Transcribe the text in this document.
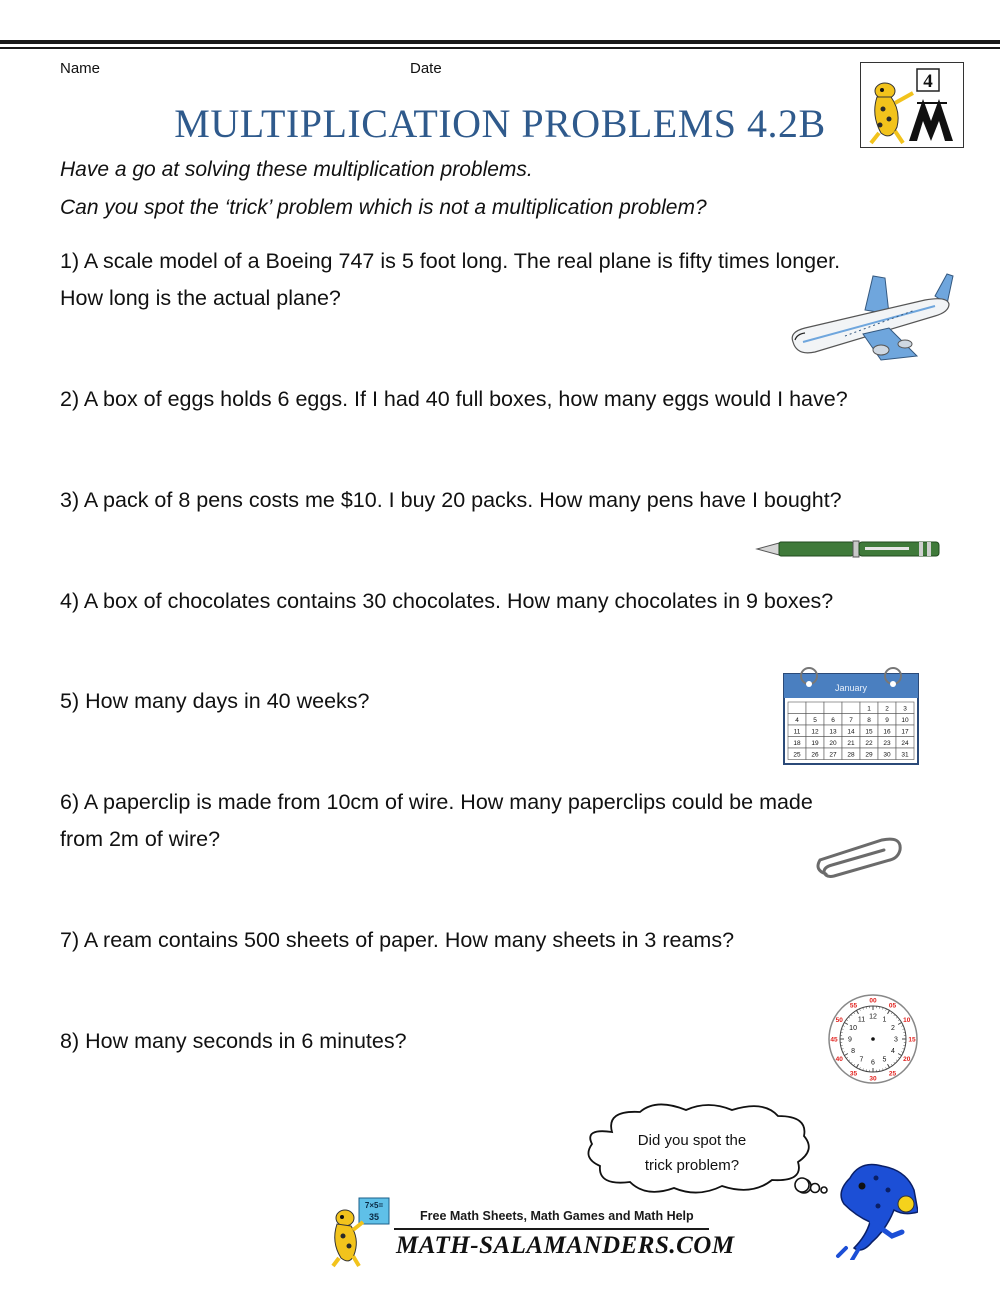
Name	Date
4
MULTIPLICATION PROBLEMS 4.2B
Have a go at solving these multiplication problems.
Can you spot the ‘trick’ problem which is not a multiplication problem?
1) A scale model of a Boeing 747 is 5 foot long. The real plane is fifty times longer.
How long is the actual plane?
2) A box of eggs holds 6 eggs. If I had 40 full boxes, how many eggs would I have?
3) A pack of 8 pens costs me $10. I buy 20 packs. How many pens have I bought?
4) A box of chocolates contains 30 chocolates. How many chocolates in 9 boxes?
5) How many days in 40 weeks?
6) A paperclip is made from 10cm of wire. How many paperclips could be made
from 2m of wire?
7) A ream contains 500 sheets of paper. How many sheets in 3 reams?
8) How many seconds in 6 minutes?
January
1 2 3
4 5 6 7 8 9 10
11 12 13 14 15 16 17
18 19 20 21 22 23 24
25 26 27 28 29 30 31
12 1
2
3
4
5
6
7
8
9
10
11
00
05
10
15
20
25
30
35
40
45
50
55
Did you spot the
trick problem?
7×5=
35	Free Math Sheets, Math Games and Math Help
MATH-SALAMANDERS.COM
